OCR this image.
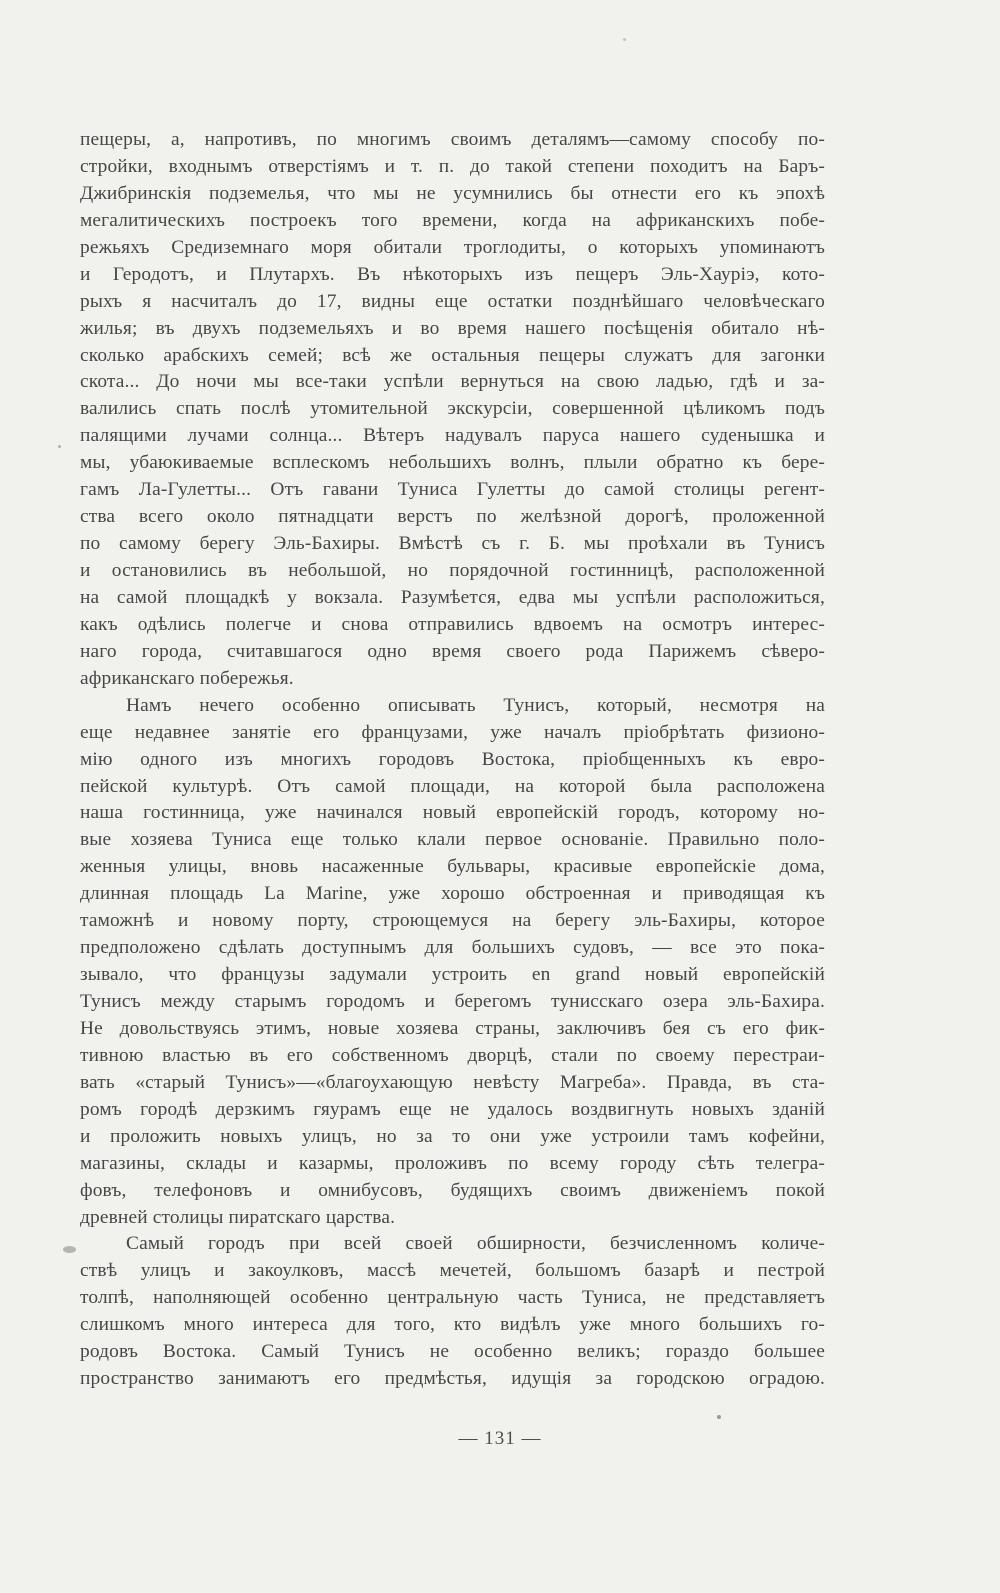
пещеры, а, напротивъ, по многимъ своимъ деталямъ—самому способу по-
стройки, входнымъ отверстiямъ и т. п. до такой степени походитъ на Баръ-
Джибринскiя подземелья, что мы не усумнились бы отнести его къ эпохѣ
мегалитическихъ построекъ того времени, когда на африканскихъ побе-
режьяхъ Средиземнаго моря обитали троглодиты, о которыхъ упоминаютъ
и Геродотъ, и Плутархъ. Въ нѣкоторыхъ изъ пещеръ Эль-Хаурiэ, кото-
рыхъ я насчиталъ до 17, видны еще остатки позднѣйшаго человѣческаго
жилья; въ двухъ подземельяхъ и во время нашего посѣщенiя обитало нѣ-
сколько арабскихъ семей; всѣ же остальныя пещеры служатъ для загонки
скота... До ночи мы все-таки успѣли вернуться на свою ладью, гдѣ и за-
валились спать послѣ утомительной экскурсiи, совершенной цѣликомъ подъ
палящими лучами солнца... Вѣтеръ надувалъ паруса нашего суденышка и
мы, убаюкиваемые всплескомъ небольшихъ волнъ, плыли обратно къ бере-
гамъ Ла-Гулетты... Отъ гавани Туниса Гулетты до самой столицы регент-
ства всего около пятнадцати верстъ по желѣзной дорогѣ, проложенной
по самому берегу Эль-Бахиры. Вмѣстѣ съ г. Б. мы проѣхали въ Тунисъ
и остановились въ небольшой, но порядочной гостинницѣ, расположенной
на самой площадкѣ у вокзала. Разумѣется, едва мы успѣли расположиться,
какъ одѣлись полегче и снова отправились вдвоемъ на осмотръ интерес-
наго города, считавшагося одно время своего рода Парижемъ сѣверо-
африканскаго побережья.
Намъ нечего особенно описывать Тунисъ, который, несмотря на
еще недавнее занятiе его французами, уже началъ прiобрѣтать физионо-
мiю одного изъ многихъ городовъ Востока, прiобщенныхъ къ евро-
пейской культурѣ. Отъ самой площади, на которой была расположена
наша гостинница, уже начинался новый европейскiй городъ, которому но-
вые хозяева Туниса еще только клали первое основанiе. Правильно поло-
женныя улицы, вновь насаженные бульвары, красивые европейскiе дома,
длинная площадь La Marine, уже хорошо обстроенная и приводящая къ
таможнѣ и новому порту, строющемуся на берегу эль-Бахиры, которое
предположено сдѣлать доступнымъ для большихъ судовъ, — все это пока-
зывало, что французы задумали устроить en grand новый европейскiй
Тунисъ между старымъ городомъ и берегомъ тунисскаго озера эль-Бахира.
Не довольствуясь этимъ, новые хозяева страны, заключивъ бея съ его фик-
тивною властью въ его собственномъ дворцѣ, стали по своему перестраи-
вать «старый Тунисъ»—«благоухающую невѣсту Магреба». Правда, въ ста-
ромъ городѣ дерзкимъ гяурамъ еще не удалось воздвигнуть новыхъ зданiй
и проложить новыхъ улицъ, но за то они уже устроили тамъ кофейни,
магазины, склады и казармы, проложивъ по всему городу сѣть телегра-
фовъ, телефоновъ и омнибусовъ, будящихъ своимъ движенiемъ покой
древней столицы пиратскаго царства.
Самый городъ при всей своей обширности, безчисленномъ количе-
ствѣ улицъ и закоулковъ, массѣ мечетей, большомъ базарѣ и пестрой
толпѣ, наполняющей особенно центральную часть Туниса, не представляетъ
слишкомъ много интереса для того, кто видѣлъ уже много большихъ го-
родовъ Востока. Самый Тунисъ не особенно великъ; гораздо большее
пространство занимаютъ его предмѣстья, идущiя за городскою оградою.
— 131 —
